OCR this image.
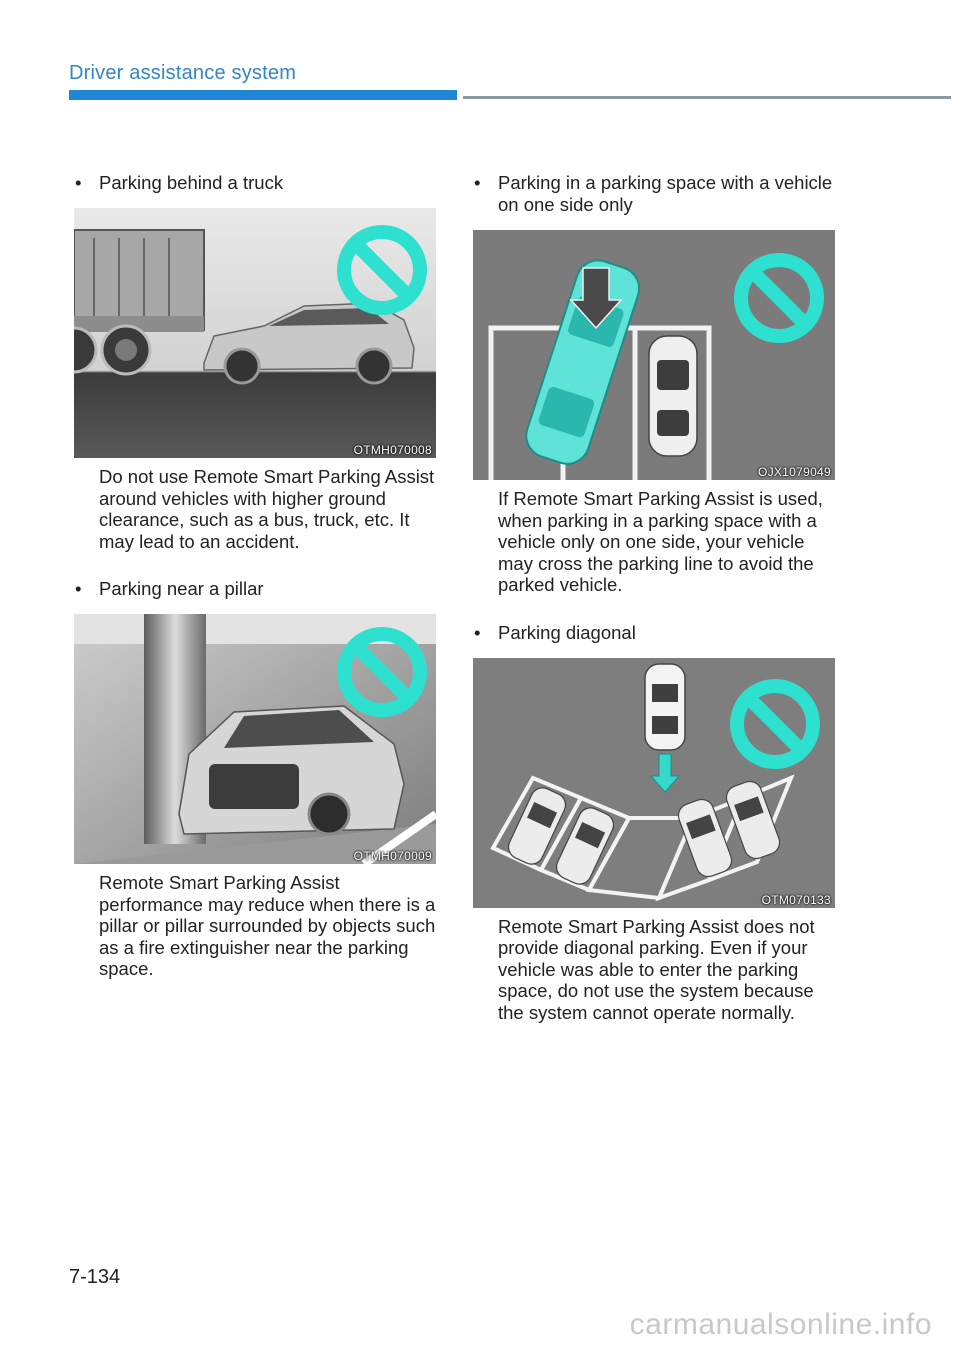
Driver assistance system
• Parking behind a truck
OTMH070008
Do not use Remote Smart Parking Assist around vehicles with higher ground clearance, such as a bus, truck, etc. It may lead to an accident.
• Parking near a pillar
OTMH070009
Remote Smart Parking Assist performance may reduce when there is a pillar or pillar surrounded by objects such as a fire extinguisher near the parking space.
• Parking in a parking space with a vehicle on one side only
OJX1079049
If Remote Smart Parking Assist is used, when parking in a parking space with a vehicle only on one side, your vehicle may cross the parking line to avoid the parked vehicle.
• Parking diagonal
OTM070133
Remote Smart Parking Assist does not provide diagonal parking. Even if your vehicle was able to enter the parking space, do not use the system because the system cannot operate normally.
7-134
carmanualsonline.info
